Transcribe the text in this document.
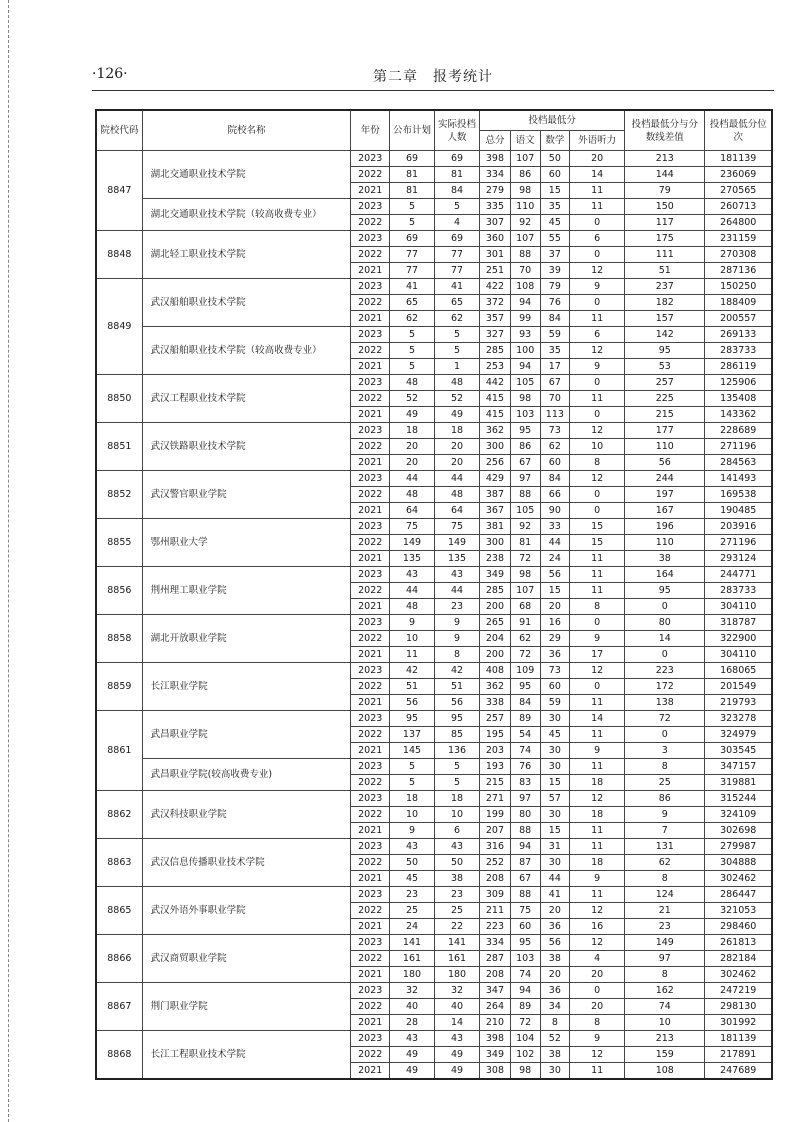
·126·	第二章　报考统计
院校代码	院校名称	年份	公布计划	实际投档人数	投档最低分				投档最低分与分数线差值	投档最低分位次
					总分	语文	数学	外语听力		
8847	湖北交通职业技术学院	2023	69	69	398	107	50	20	213	181139
		2022	81	81	334	86	60	14	144	236069
		2021	81	84	279	98	15	11	79	270565
	湖北交通职业技术学院（较高收费专业）	2023	5	5	335	110	35	11	150	260713
		2022	5	4	307	92	45	0	117	264800
8848	湖北轻工职业技术学院	2023	69	69	360	107	55	6	175	231159
		2022	77	77	301	88	37	0	111	270308
		2021	77	77	251	70	39	12	51	287136
8849	武汉船舶职业技术学院	2023	41	41	422	108	79	9	237	150250
		2022	65	65	372	94	76	0	182	188409
		2021	62	62	357	99	84	11	157	200557
	武汉船舶职业技术学院（较高收费专业）	2023	5	5	327	93	59	6	142	269133
		2022	5	5	285	100	35	12	95	283733
		2021	5	1	253	94	17	9	53	286119
8850	武汉工程职业技术学院	2023	48	48	442	105	67	0	257	125906
		2022	52	52	415	98	70	11	225	135408
		2021	49	49	415	103	113	0	215	143362
8851	武汉铁路职业技术学院	2023	18	18	362	95	73	12	177	228689
		2022	20	20	300	86	62	10	110	271196
		2021	20	20	256	67	60	8	56	284563
8852	武汉警官职业学院	2023	44	44	429	97	84	12	244	141493
		2022	48	48	387	88	66	0	197	169538
		2021	64	64	367	105	90	0	167	190485
8855	鄂州职业大学	2023	75	75	381	92	33	15	196	203916
		2022	149	149	300	81	44	15	110	271196
		2021	135	135	238	72	24	11	38	293124
8856	荆州理工职业学院	2023	43	43	349	98	56	11	164	244771
		2022	44	44	285	107	15	11	95	283733
		2021	48	23	200	68	20	8	0	304110
8858	湖北开放职业学院	2023	9	9	265	91	16	0	80	318787
		2022	10	9	204	62	29	9	14	322900
		2021	11	8	200	72	36	17	0	304110
8859	长江职业学院	2023	42	42	408	109	73	12	223	168065
		2022	51	51	362	95	60	0	172	201549
		2021	56	56	338	84	59	11	138	219793
8861	武昌职业学院	2023	95	95	257	89	30	14	72	323278
		2022	137	85	195	54	45	11	0	324979
		2021	145	136	203	74	30	9	3	303545
	武昌职业学院(较高收费专业)	2023	5	5	193	76	30	11	8	347157
		2022	5	5	215	83	15	18	25	319881
8862	武汉科技职业学院	2023	18	18	271	97	57	12	86	315244
		2022	10	10	199	80	30	18	9	324109
		2021	9	6	207	88	15	11	7	302698
8863	武汉信息传播职业技术学院	2023	43	43	316	94	31	11	131	279987
		2022	50	50	252	87	30	18	62	304888
		2021	45	38	208	67	44	9	8	302462
8865	武汉外语外事职业学院	2023	23	23	309	88	41	11	124	286447
		2022	25	25	211	75	20	12	21	321053
		2021	24	22	223	60	36	16	23	298460
8866	武汉商贸职业学院	2023	141	141	334	95	56	12	149	261813
		2022	161	161	287	103	38	4	97	282184
		2021	180	180	208	74	20	20	8	302462
8867	荆门职业学院	2023	32	32	347	94	36	0	162	247219
		2022	40	40	264	89	34	20	74	298130
		2021	28	14	210	72	8	8	10	301992
8868	长江工程职业技术学院	2023	43	43	398	104	52	9	213	181139
		2022	49	49	349	102	38	12	159	217891
		2021	49	49	308	98	30	11	108	247689
